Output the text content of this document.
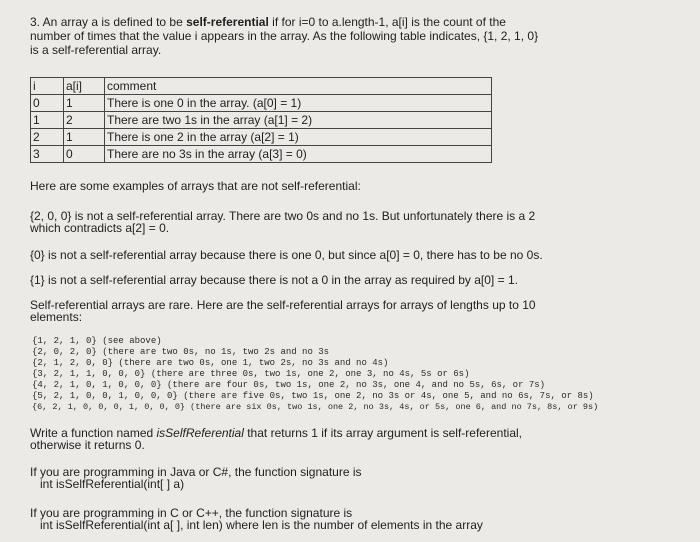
3. An array a is defined to be self-referential if for i=0 to a.length-1, a[i] is the count of the
number of times that the value i appears in the array. As the following table indicates, {1, 2, 1, 0}
is a self-referential array.
i	a[i]	comment
0	1	There is one 0 in the array. (a[0] = 1)
1	2	There are two 1s in the array (a[1] = 2)
2	1	There is one 2 in the array (a[2] = 1)
3	0	There are no 3s in the array (a[3] = 0)
Here are some examples of arrays that are not self-referential:
{2, 0, 0} is not a self-referential array. There are two 0s and no 1s. But unfortunately there is a 2
which contradicts a[2] = 0.
{0} is not a self-referential array because there is one 0, but since a[0] = 0, there has to be no 0s.
{1} is not a self-referential array because there is not a 0 in the array as required by a[0] = 1.
Self-referential arrays are rare. Here are the self-referential arrays for arrays of lengths up to 10
elements:
{1, 2, 1, 0} (see above)
{2, 0, 2, 0} (there are two 0s, no 1s, two 2s and no 3s
{2, 1, 2, 0, 0} (there are two 0s, one 1, two 2s, no 3s and no 4s)
{3, 2, 1, 1, 0, 0, 0} (there are three 0s, two 1s, one 2, one 3, no 4s, 5s or 6s)
{4, 2, 1, 0, 1, 0, 0, 0} (there are four 0s, two 1s, one 2, no 3s, one 4, and no 5s, 6s, or 7s)
{5, 2, 1, 0, 0, 1, 0, 0, 0} (there are five 0s, two 1s, one 2, no 3s or 4s, one 5, and no 6s, 7s, or 8s)
{6, 2, 1, 0, 0, 0, 1, 0, 0, 0} (there are six 0s, two 1s, one 2, no 3s, 4s, or 5s, one 6, and no 7s, 8s, or 9s)
Write a function named isSelfReferential that returns 1 if its array argument is self-referential,
otherwise it returns 0.
If you are programming in Java or C#, the function signature is
int isSelfReferential(int[ ] a)
If you are programming in C or C++, the function signature is
int isSelfReferential(int a[ ], int len) where len is the number of elements in the array
